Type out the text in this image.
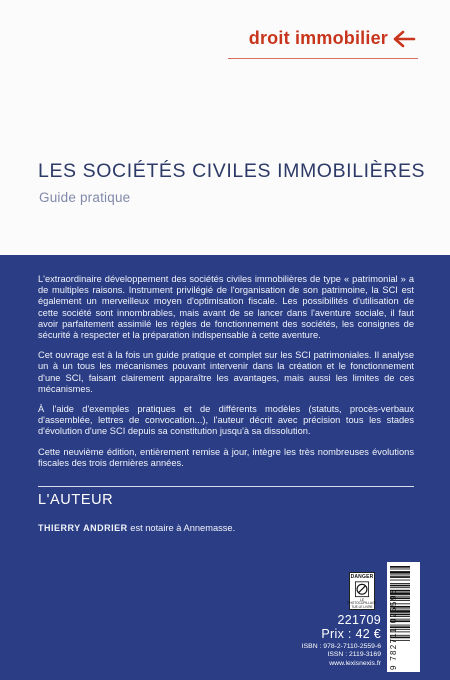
droit immobilier
LES SOCIÉTÉS CIVILES IMMOBILIÈRES
Guide pratique

L'extraordinaire développement des sociétés civiles immobilières de type « patrimonial » a de multiples raisons. Instrument privilégié de l'organisation de son patrimoine, la SCI est également un merveilleux moyen d'optimisation fiscale. Les possibilités d'utilisation de cette société sont innombrables, mais avant de se lancer dans l'aventure sociale, il faut avoir parfaitement assimilé les règles de fonctionnement des sociétés, les consignes de sécurité à respecter et la préparation indispensable à cette aventure.

Cet ouvrage est à la fois un guide pratique et complet sur les SCI patrimoniales. Il analyse un à un tous les mécanismes pouvant intervenir dans la création et le fonctionnement d'une SCI, faisant clairement apparaître les avantages, mais aussi les limites de ces mécanismes.

À l'aide d'exemples pratiques et de différents modèles (statuts, procès-verbaux d'assemblée, lettres de convocation...), l'auteur décrit avec précision tous les stades d'évolution d'une SCI depuis sa constitution jusqu'à sa dissolution.

Cette neuvième édition, entièrement remise à jour, intègre les très nombreuses évolutions fiscales des trois dernières années.

L'AUTEUR
THIERRY ANDRIER est notaire à Annemasse.
DANGER
LE PHOTOCOPILLAGE TUE LE LIVRE
221709
Prix : 42 €
ISBN : 978-2-7110-2559-6
ISSN : 2119-3169
www.lexisnexis.fr 9 782711 025596
